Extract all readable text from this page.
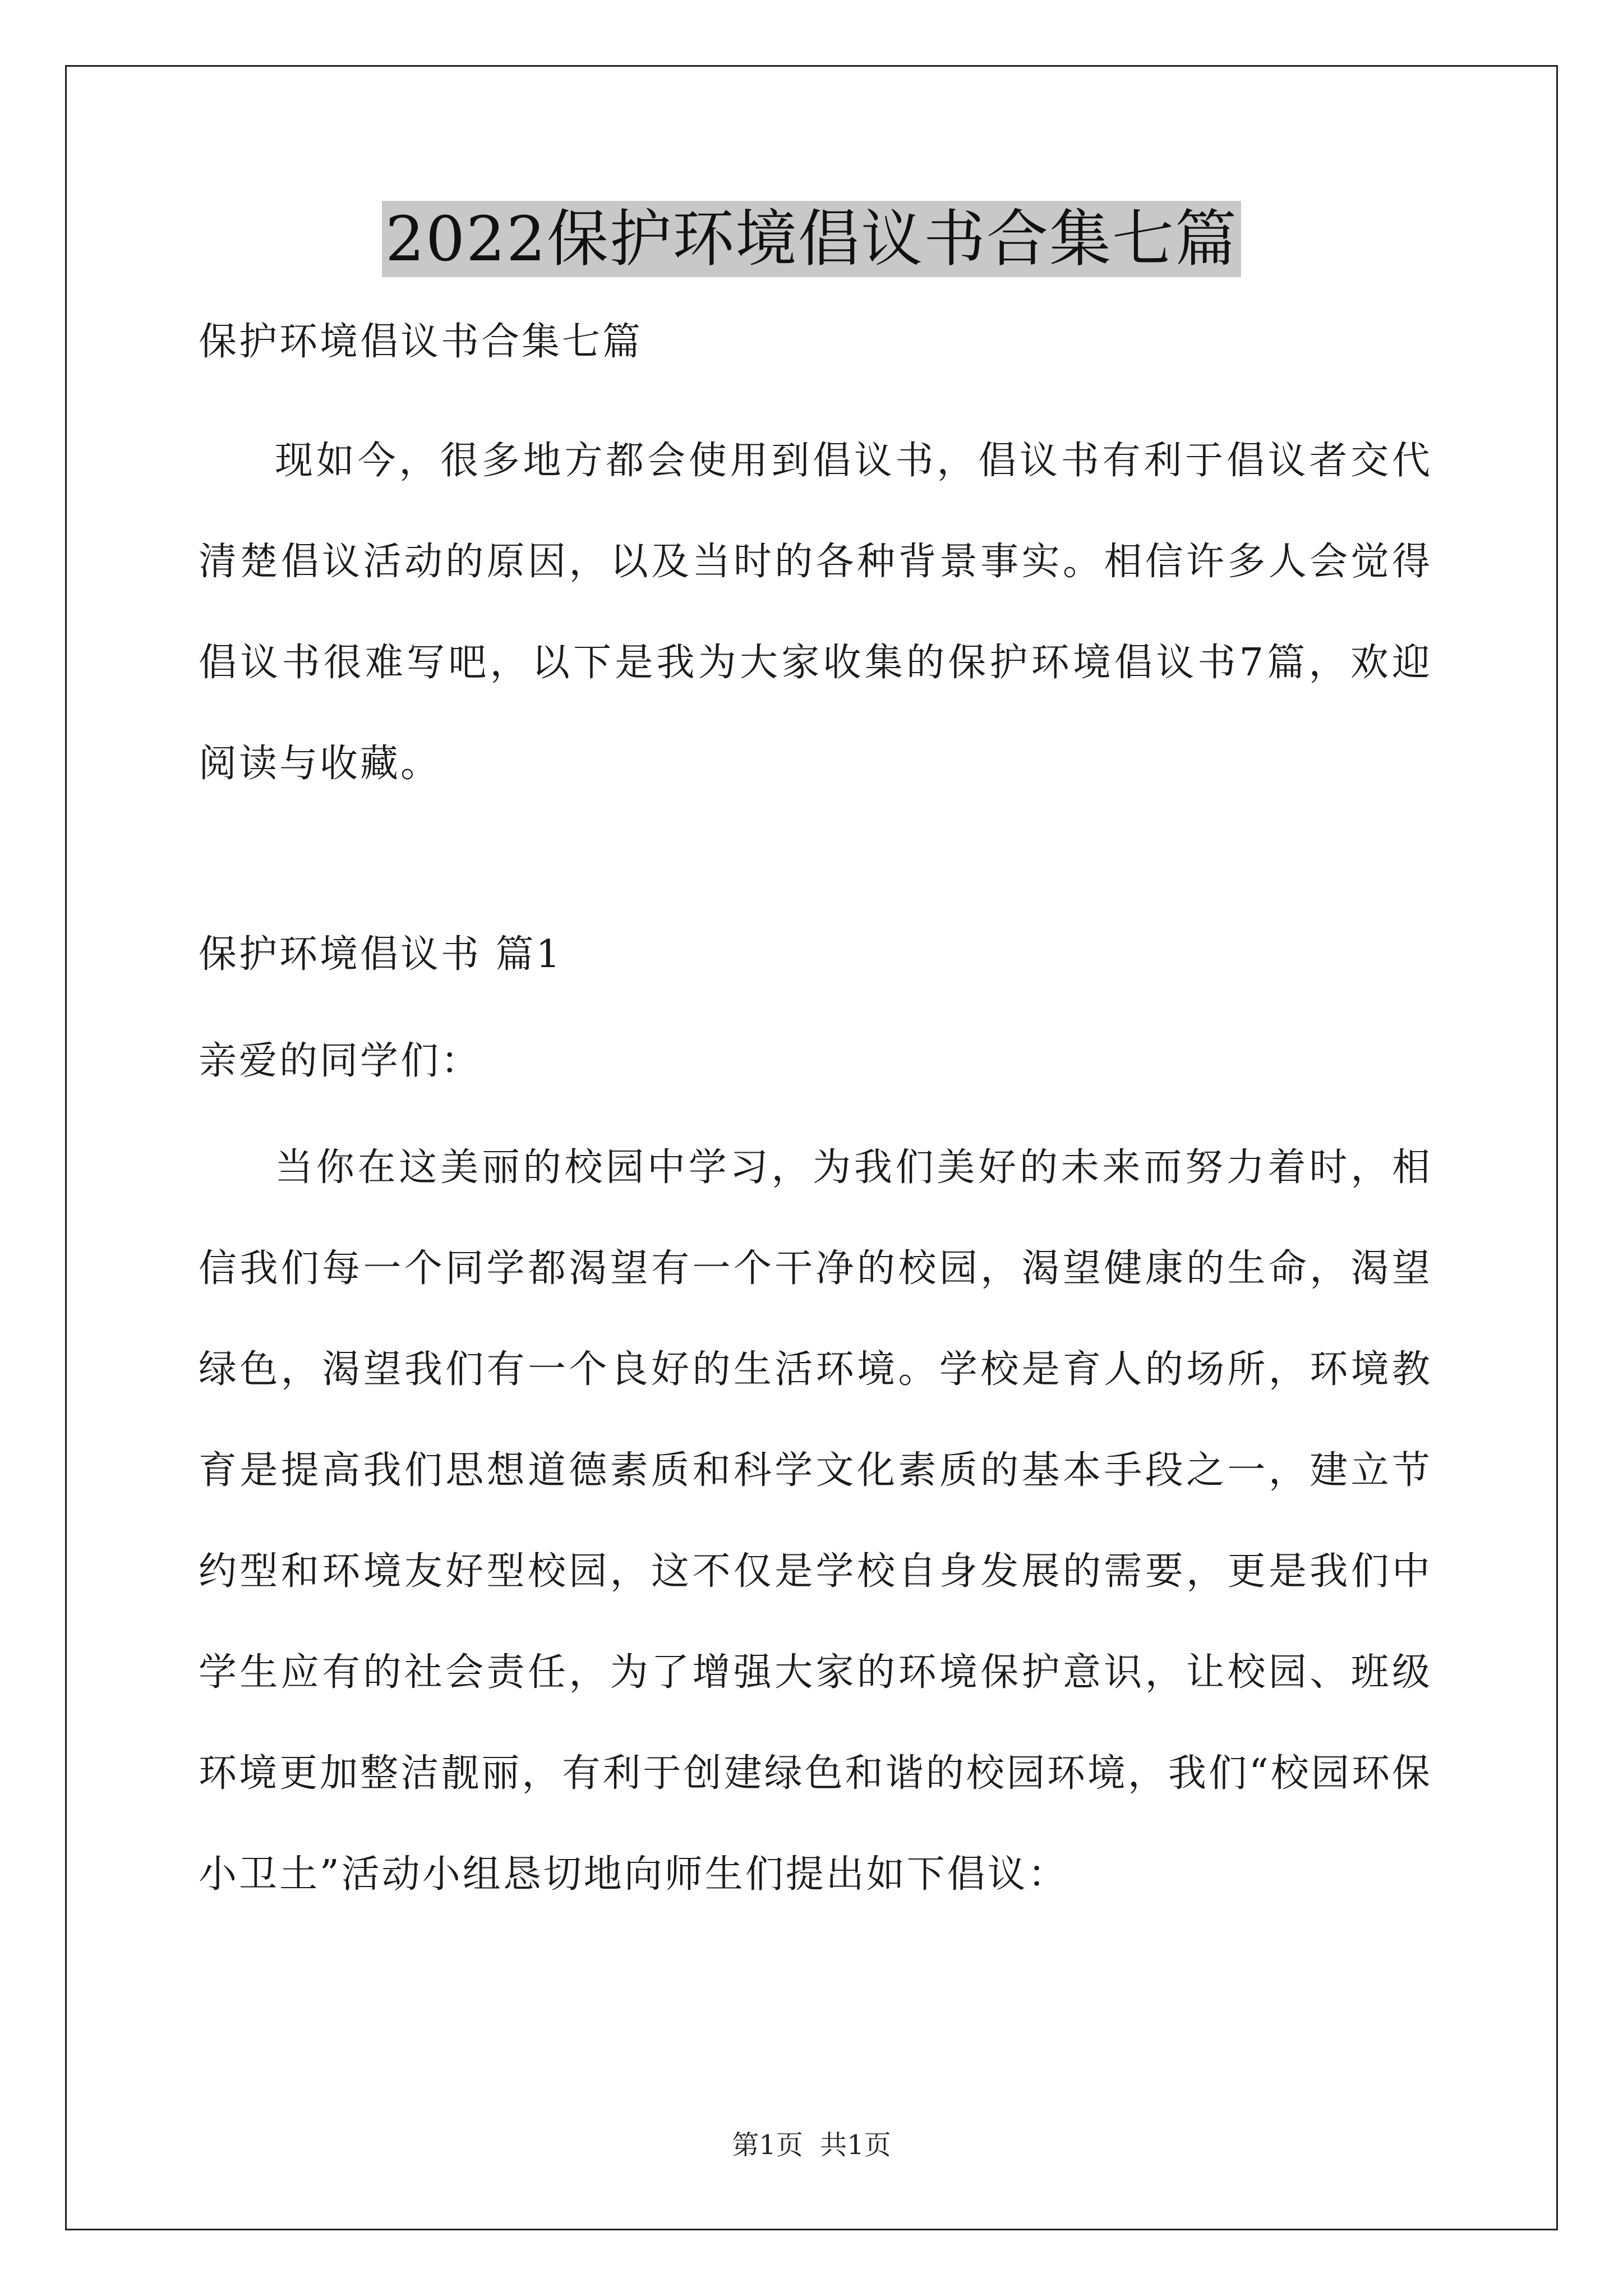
2022保护环境倡议书合集七篇
保护环境倡议书合集七篇
现如今，很多地方都会使用到倡议书，倡议书有利于倡议者交代清楚倡议活动的原因，以及当时的各种背景事实。相信许多人会觉得倡议书很难写吧，以下是我为大家收集的保护环境倡议书7篇，欢迎阅读与收藏。
保护环境倡议书 篇1
亲爱的同学们：
当你在这美丽的校园中学习，为我们美好的未来而努力着时，相信我们每一个同学都渴望有一个干净的校园，渴望健康的生命，渴望绿色，渴望我们有一个良好的生活环境。学校是育人的场所，环境教育是提高我们思想道德素质和科学文化素质的基本手段之一，建立节约型和环境友好型校园，这不仅是学校自身发展的需要，更是我们中学生应有的社会责任，为了增强大家的环境保护意识，让校园、班级环境更加整洁靓丽，有利于创建绿色和谐的校园环境，我们“校园环保小卫土”活动小组恳切地向师生们提出如下倡议：
第1页  共1页
